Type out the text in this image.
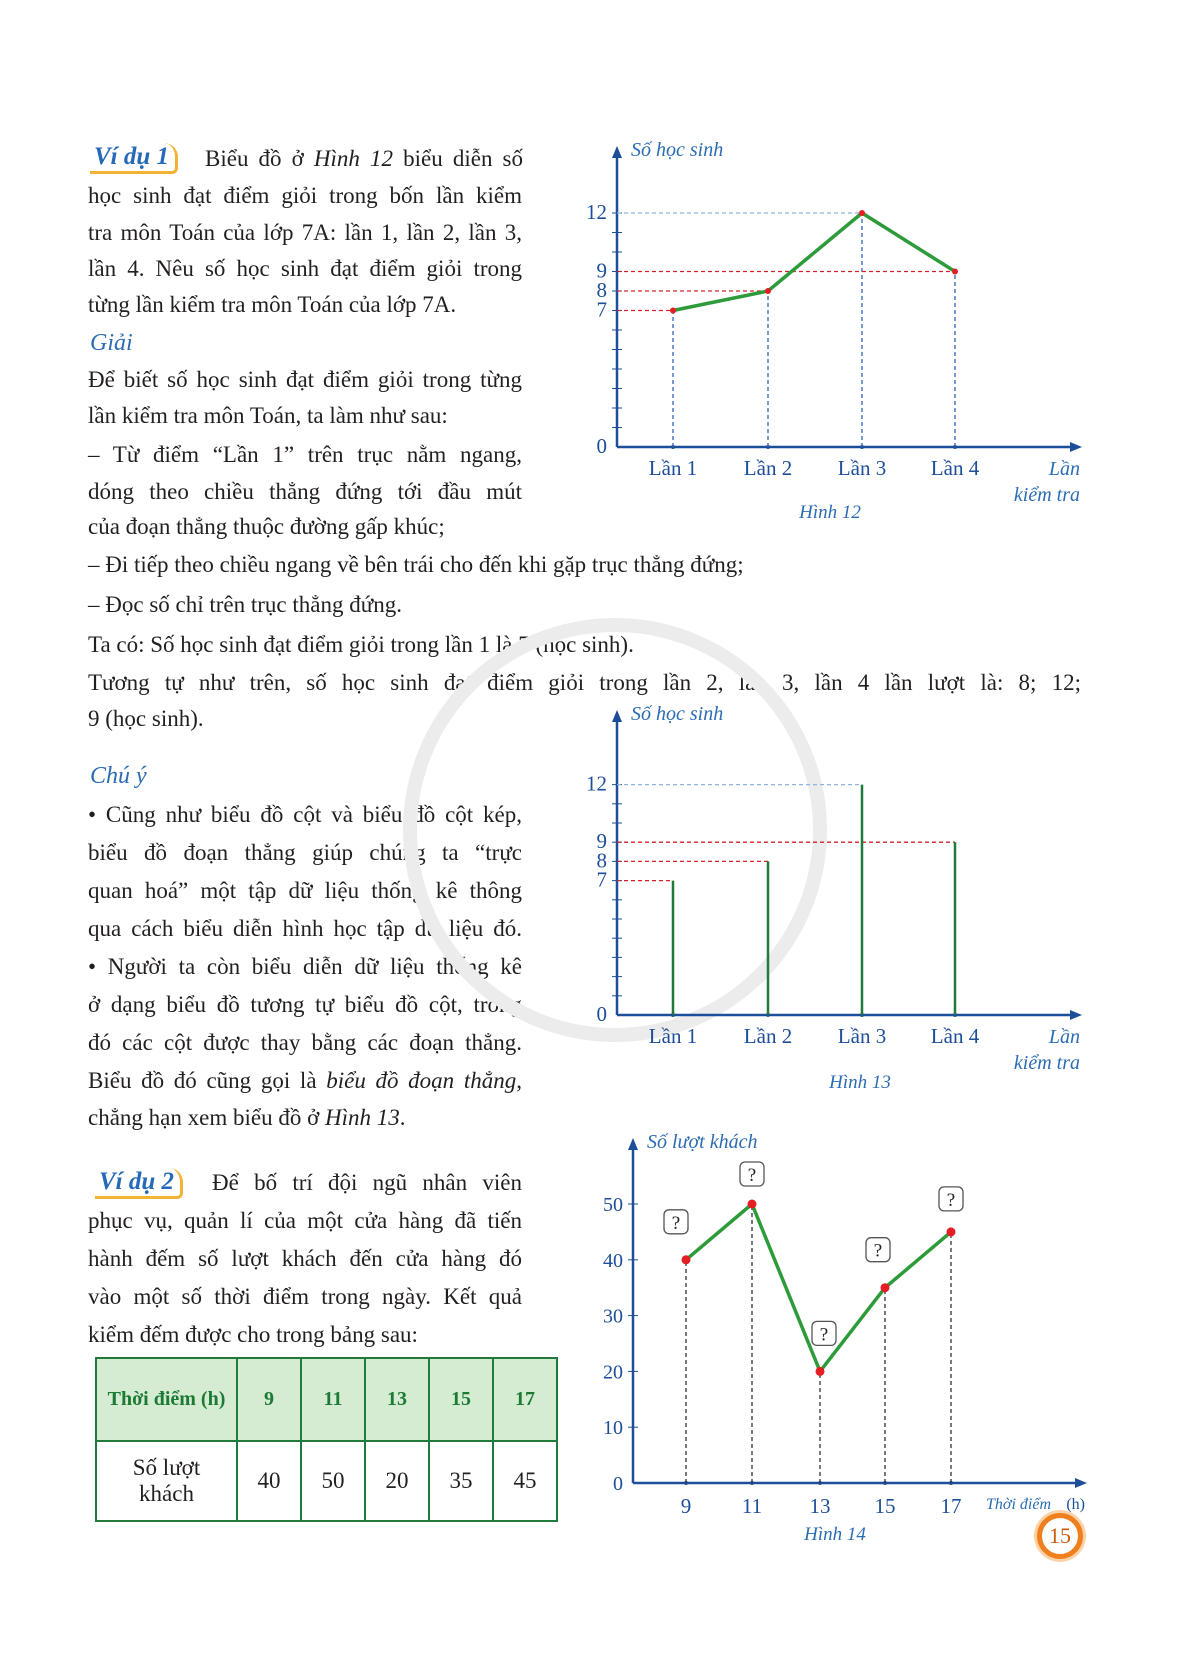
Biểu đồ ở Hình 12 biểu diễn số
học sinh đạt điểm giỏi trong bốn lần kiểm
tra môn Toán của lớp 7A: lần 1, lần 2, lần 3,
lần 4. Nêu số học sinh đạt điểm giỏi trong
từng lần kiểm tra môn Toán của lớp 7A.
Để biết số học sinh đạt điểm giỏi trong từng
lần kiểm tra môn Toán, ta làm như sau:
– Từ điểm “Lần 1” trên trục nằm ngang,
dóng theo chiều thẳng đứng tới đầu mút
của đoạn thẳng thuộc đường gấp khúc;
– Đi tiếp theo chiều ngang về bên trái cho đến khi gặp trục thẳng đứng;
– Đọc số chỉ trên trục thẳng đứng.
Ta có: Số học sinh đạt điểm giỏi trong lần 1 là 7 (học sinh).
Tương tự như trên, số học sinh đạt điểm giỏi trong lần 2, lần 3, lần 4 lần lượt là: 8; 12;
9 (học sinh).
• Cũng như biểu đồ cột và biểu đồ cột kép,
biểu đồ đoạn thẳng giúp chúng ta “trực
quan hoá” một tập dữ liệu thống kê thông
qua cách biểu diễn hình học tập dữ liệu đó.
• Người ta còn biểu diễn dữ liệu thống kê
ở dạng biểu đồ tương tự biểu đồ cột, trong
đó các cột được thay bằng các đoạn thẳng.
Biểu đồ đó cũng gọi là biểu đồ đoạn thẳng,
chẳng hạn xem biểu đồ ở Hình 13.
Để bố trí đội ngũ nhân viên
phục vụ, quản lí của một cửa hàng đã tiến
hành đếm số lượt khách đến cửa hàng đó
vào một số thời điểm trong ngày. Kết quả
kiểm đếm được cho trong bảng sau:
Ví dụ 1
Giải
Chú ý
Ví dụ 2
Thời điểm (h)	9	11	13	15	17
Số lượt khách	40	50	20	35	45
0
7
8
9
12
Số học sinh
Lần 1 Lần 2 Lần 3 Lần 4	Lần
kiểm tra
Hình 12
0
7
8
9
12
Số học sinh
Lần 1 Lần 2 Lần 3 Lần 4	Lần
kiểm tra
Hình 13
0
10
20
30
40
50
Số lượt khách
9 11 13 15 17 Thời điểm (h)
Hình 14
?
?
?
?
?
15
